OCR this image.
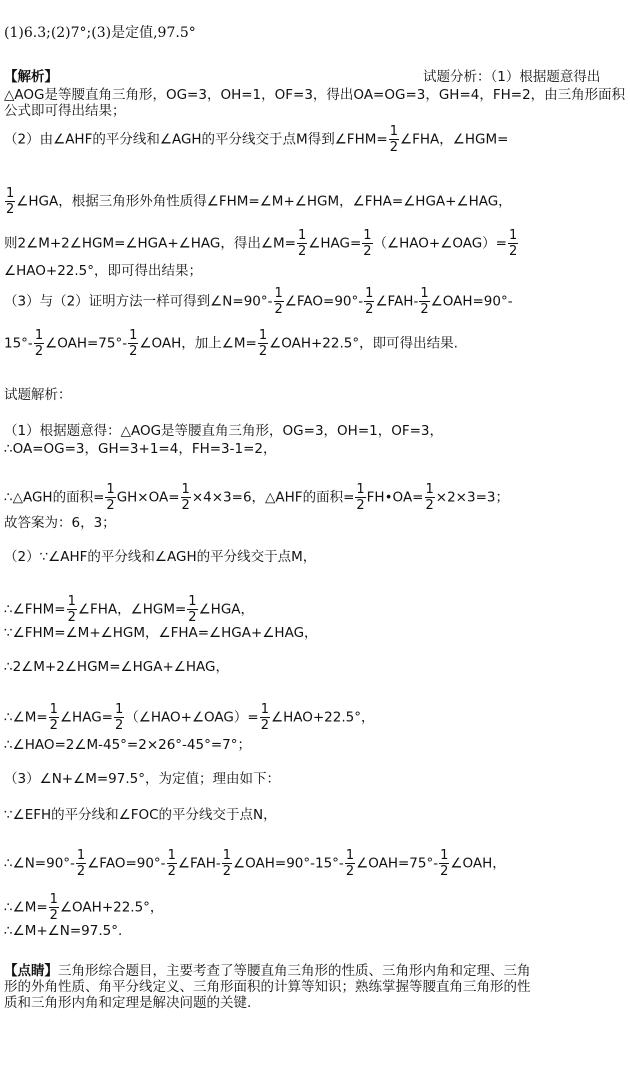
(1)6.3;(2)7°;(3)是定值,97.5°
【解析】	试题分析：（1）根据题意得出
△AOG是等腰直角三角形，OG=3，OH=1，OF=3，得出OA=OG=3，GH=4，FH=2，由三角形面积
公式即可得出结果；
（2）由∠AHF的平分线和∠AGH的平分线交于点M得到∠FHM= $\frac{1}{2}$ ∠FHA，∠HGM=
$\frac{1}{2}$ ∠HGA，根据三角形外角性质得∠FHM=∠M+∠HGM，∠FHA=∠HGA+∠HAG，
则2∠M+2∠HGM=∠HGA+∠HAG，得出∠M= $\frac{1}{2}$ ∠HAG= $\frac{1}{2}$ （∠HAO+∠OAG）= $\frac{1}{2}$
∠HAO+22.5°，即可得出结果；
（3）与（2）证明方法一样可得到∠N=90°- $\frac{1}{2}$ ∠FAO=90°- $\frac{1}{2}$ ∠FAH- $\frac{1}{2}$ ∠OAH=90°-
$15^\circ- \frac{1}{2}$ ∠OAH=75°- $\frac{1}{2}$ ∠OAH，加上∠M= $\frac{1}{2}$ ∠OAH+22.5°，即可得出结果.
试题解析：
（1）根据题意得：△AOG是等腰直角三角形，OG=3，OH=1，OF=3，
∴OA=OG=3，GH=3+1=4，FH=3-1=2，
∴△AGH的面积= $\frac{1}{2} GH\times OA= \frac{1}{2} \times 4\times 3=6$，△AHF的面积= $\frac{1}{2}$ FH•OA= $\frac{1}{2} \times 2\times 3=3$；
故答案为：6，3；
（2）∵∠AHF的平分线和∠AGH的平分线交于点M，
∴∠FHM= $\frac{1}{2}$ ∠FHA，∠HGM= $\frac{1}{2}$ ∠HGA，
∵∠FHM=∠M+∠HGM，∠FHA=∠HGA+∠HAG，
∴2∠M+2∠HGM=∠HGA+∠HAG，
∴∠M= $\frac{1}{2}$ ∠HAG= $\frac{1}{2}$ （∠HAO+∠OAG）= $\frac{1}{2}$ ∠HAO+22.5°，
∴∠HAO=2∠M-45°=2×26°-45°=7°；
（3）∠N+∠M=97.5°，为定值；理由如下：
∵∠EFH的平分线和∠FOC的平分线交于点N，
∴∠N=90°- $\frac{1}{2}$ ∠FAO=90°- $\frac{1}{2}$ ∠FAH- $\frac{1}{2}$ ∠OAH=90°-15°- $\frac{1}{2}$ ∠OAH=75°- $\frac{1}{2}$ ∠OAH，
∴∠M= $\frac{1}{2}$ ∠OAH+22.5°，
∴∠M+∠N=97.5°.
【点睛】三角形综合题目，主要考查了等腰直角三角形的性质、三角形内角和定理、三角
形的外角性质、角平分线定义、三角形面积的计算等知识；熟练掌握等腰直角三角形的性
质和三角形内角和定理是解决问题的关键.
